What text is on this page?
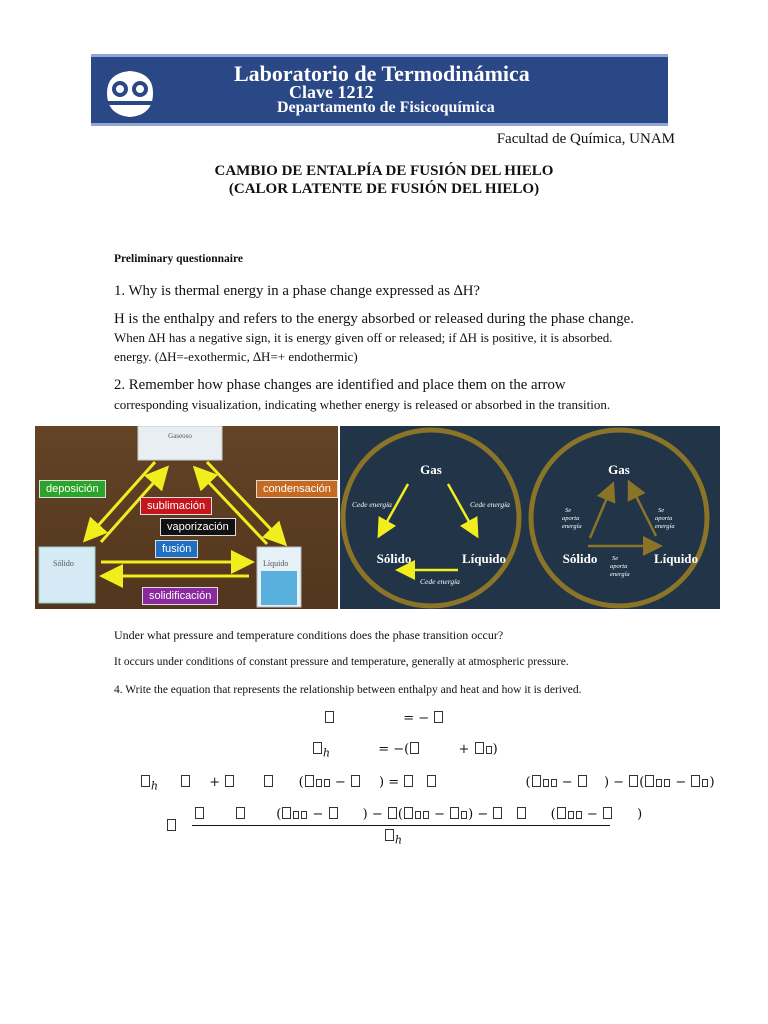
Laboratorio de Termodinámica
Clave 1212
Departamento de Fisicoquímica
Facultad de Química, UNAM
CAMBIO DE ENTALPÍA DE FUSIÓN DEL HIELO
(CALOR LATENTE DE FUSIÓN DEL HIELO)
Preliminary questionnaire
1. Why is thermal energy in a phase change expressed as ∆H?
H is the enthalpy and refers to the energy absorbed or released during the phase change.
When ∆H has a negative sign, it is energy given off or released; if ∆H is positive, it is absorbed.
energy. (∆H=-exothermic, ∆H=+ endothermic)
2. Remember how phase changes are identified and place them on the arrow
corresponding visualization, indicating whether energy is released or absorbed in the transition.
Gaseoso
Sólido	Líquido
deposición
sublimación
condensación
vaporización
fusión
solidificación
Gas
Sólido	Líquido
Cede energía	Cede energía
Cede energía
Gas
Sólido	Líquido
Se
aporta
energía
Se
aporta
energía
Se
aporta
energía
Under what pressure and temperature conditions does the phase transition occur?
It occurs under conditions of constant pressure and temperature, generally at atmospheric pressure.
4. Write the equation that represents the relationship between enthalpy and heat and how it is derived.
= −
$_h$	= −(	+ )
$_h$	+	( −	) =	( − ) − ( − )
( −	) − ( − ) −	( −	)
$_h$
